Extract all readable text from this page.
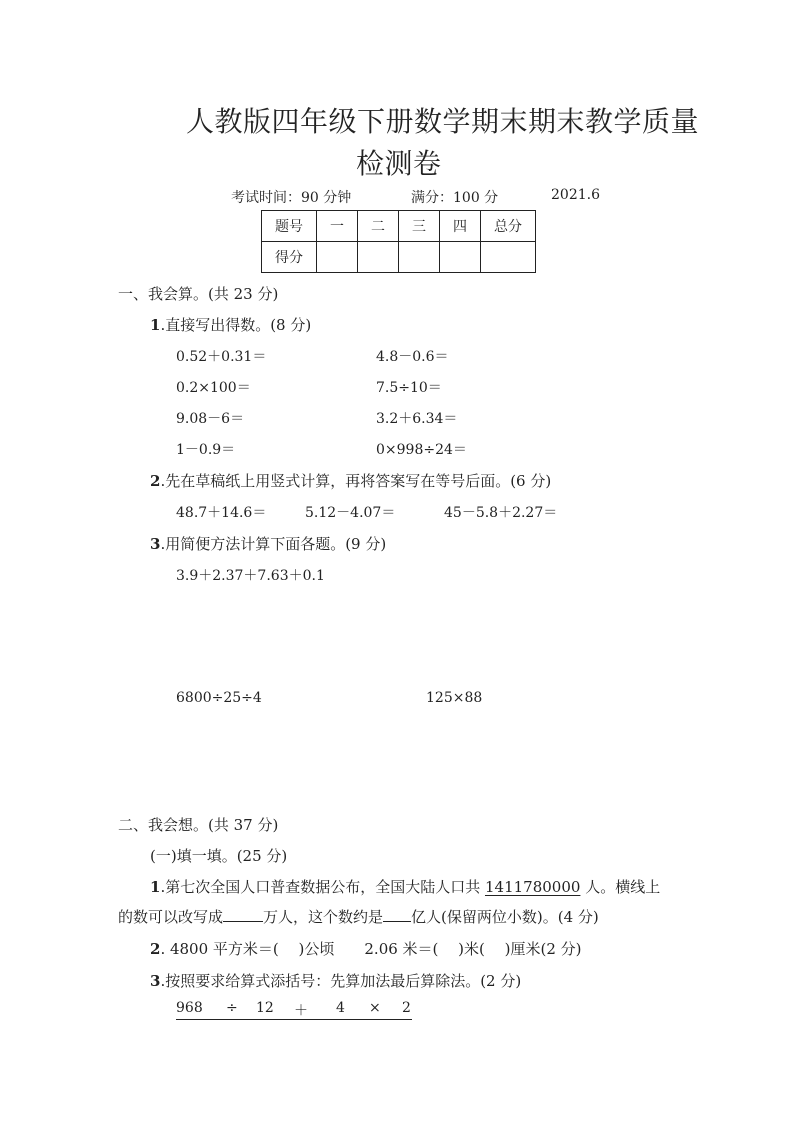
人教版四年级下册数学期末期末教学质量
检测卷
考试时间：90 分钟	满分：100 分	2021.6
题号	一	二	三	四	总分
得分					
一、我会算。(共 23 分)
1.直接写出得数。(8 分)
0.52＋0.31＝	4.8－0.6＝
0.2×100＝	7.5÷10＝
9.08－6＝	3.2＋6.34＝
1－0.9＝	0×998÷24＝
2.先在草稿纸上用竖式计算，再将答案写在等号后面。(6 分)
48.7＋14.6＝	5.12－4.07＝	45－5.8＋2.27＝
3.用简便方法计算下面各题。(9 分)
3.9＋2.37＋7.63＋0.1
6800÷25÷4	125×88
二、我会想。(共 37 分)
(一)填一填。(25 分)
1.第七次全国人口普查数据公布，全国大陆人口共 1411780000 人。横线上
的数可以改写成	万人，这个数约是 亿人(保留两位小数)。(4 分)
2. 4800 平方米＝(　 )公顷　　2.06 米＝(　 )米(　 )厘米(2 分)
3.按照要求给算式添括号：先算加法最后算除法。(2 分)
968 ÷ 12 ＋ 4 × 2
